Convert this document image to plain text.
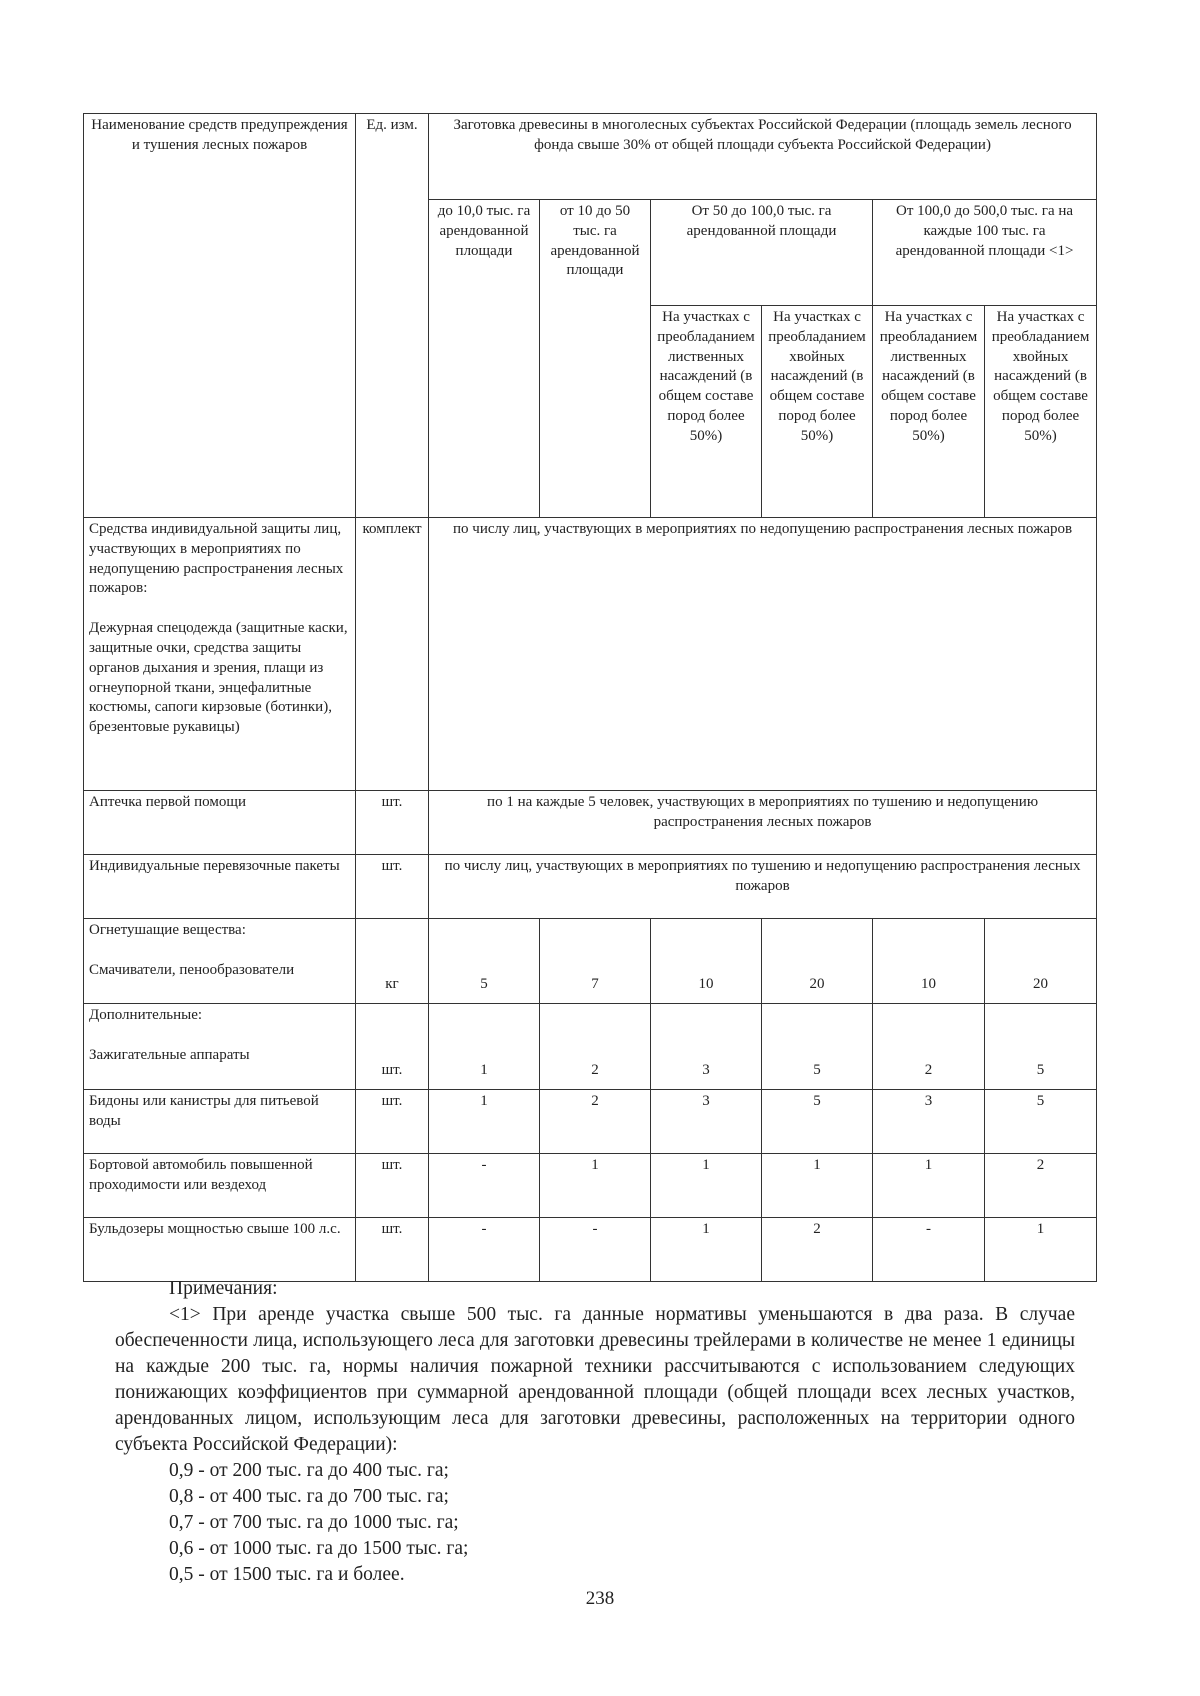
Наименование средств предупреждения и тушения лесных пожаров	Ед. изм.	Заготовка древесины в многолесных субъектах Российской Федерации (площадь земель лесного фонда свыше 30% от общей площади субъекта Российской Федерации)					
		до 10,0 тыс. га арендованной площади	от 10 до 50 тыс. га арендованной площади	От 50 до 100,0 тыс. га арендованной площади		От 100,0 до 500,0 тыс. га на каждые 100 тыс. га арендованной площади <1>	
				На участках с преобладанием лиственных насаждений (в общем составе пород более 50%)	На участках с преобладанием хвойных насаждений (в общем составе пород более 50%)	На участках с преобладанием лиственных насаждений (в общем составе пород более 50%)	На участках с преобладанием хвойных насаждений (в общем составе пород более 50%)

Средства индивидуальной защиты лиц, участвующих в мероприятиях по недопущению распространения лесных пожаров:
Дежурная спецодежда (защитные каски, защитные очки, средства защиты органов дыхания и зрения, плащи из огнеупорной ткани, энцефалитные костюмы, сапоги кирзовые (ботинки), брезентовые рукавицы)	комплект	по числу лиц, участвующих в мероприятиях по недопущению распространения лесных пожаров					
Аптечка первой помощи	шт.	по 1 на каждые 5 человек, участвующих в мероприятиях по тушению и недопущению распространения лесных пожаров					
Индивидуальные перевязочные пакеты	шт.	по числу лиц, участвующих в мероприятиях по тушению и недопущению распространения лесных пожаров					

Огнетушащие вещества:
Смачиватели, пенообразователи	кг	5	7	10	20	10	20

Дополнительные:
Зажигательные аппараты	шт.	1	2	3	5	2	5
Бидоны или канистры для питьевой воды	шт.	1	2	3	5	3	5
Бортовой автомобиль повышенной проходимости или вездеход	шт.	-	1	1	1	1	2
Бульдозеры мощностью свыше 100 л.с.	шт.	-	-	1	2	-	1

Примечания:

<1> При аренде участка свыше 500 тыс. га данные нормативы уменьшаются в два раза. В случае обеспеченности лица, использующего леса для заготовки древесины трейлерами в количестве не менее 1 единицы на каждые 200 тыс. га, нормы наличия пожарной техники рассчитываются с использованием следующих понижающих коэффициентов при суммарной арендованной площади (общей площади всех лесных участков, арендованных лицом, использующим леса для заготовки древесины, расположенных на территории одного субъекта Российской Федерации):

0,9 - от 200 тыс. га до 400 тыс. га;

0,8 - от 400 тыс. га до 700 тыс. га;

0,7 - от 700 тыс. га до 1000 тыс. га;

0,6 - от 1000 тыс. га до 1500 тыс. га;

0,5 - от 1500 тыс. га и более.

238
